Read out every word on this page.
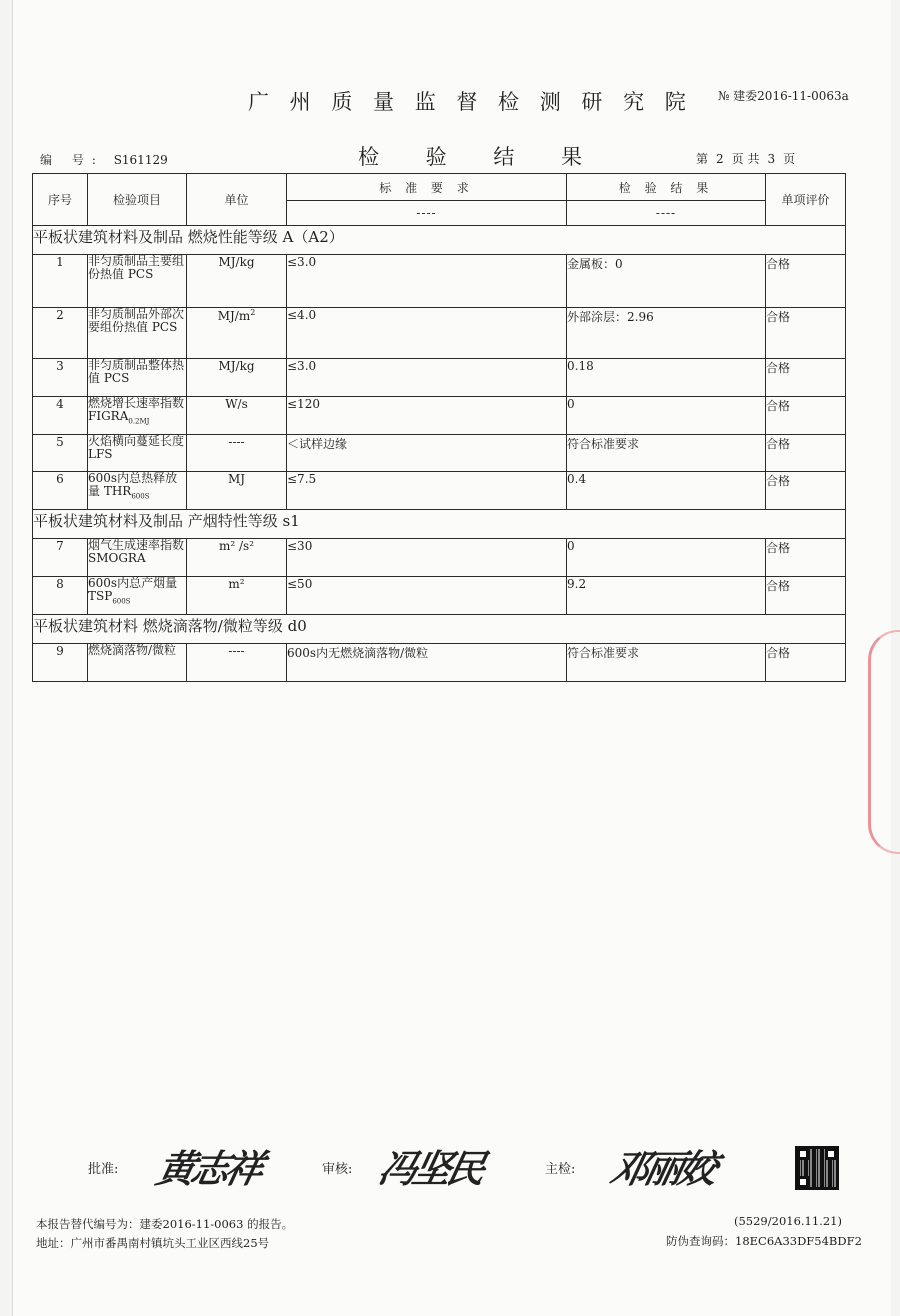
广 州 质 量 监 督 检 测 研 究 院 № 建委2016-11-0063a
编 号: S161129	检 验 结 果	第 2 页 共 3 页
序号	检验项目	单位	标 准 要 求	检 验 结 果	单项评价
			----	----	
平板状建筑材料及制品 燃烧性能等级 A（A2）					
1	非匀质制品主要组份热值 PCS	MJ/kg	≤3.0	金属板：0	合格
2	非匀质制品外部次要组份热值 PCS	$MJ/m^2$	≤4.0	外部涂层：2.96	合格
3	非匀质制品整体热值 PCS	MJ/kg	≤3.0	0.18	合格
4	燃烧增长速率指数 $FIGRA_{0.2MJ}$	W/s	≤120	0	合格
5	火焰横向蔓延长度 LFS	----	＜试样边缘	符合标准要求	合格
6	600s内总热释放量 $THR_{600S}$	MJ	≤7.5	0.4	合格
平板状建筑材料及制品 产烟特性等级 s1					
7	烟气生成速率指数 SMOGRA	m² /s²	≤30	0	合格
8	600s内总产烟量 $TSP_{600S}$	m²	≤50	9.2	合格
平板状建筑材料 燃烧滴落物/微粒等级 d0					
9	燃烧滴落物/微粒	----	600s内无燃烧滴落物/微粒	符合标准要求	合格
批准: 黄志祥	审核: 冯坚民	主检: 邓丽姣
本报告替代编号为：建委2016-11-0063 的报告。	(5529/2016.11.21)
地址：广州市番禺南村镇坑头工业区西线25号	防伪查询码：18EC6A33DF54BDF2
